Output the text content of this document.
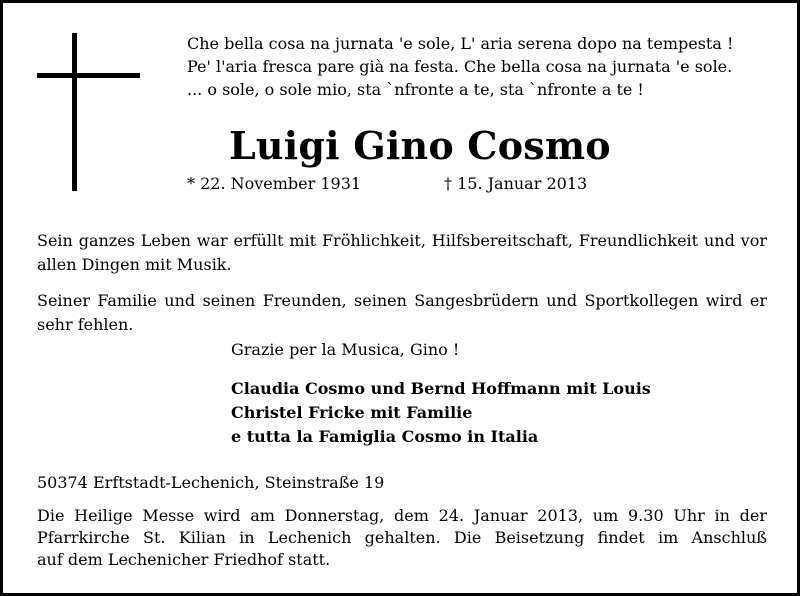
Che bella cosa na jurnata 'e sole, L' aria serena dopo na tempesta !
Pe' l'aria fresca pare già na festa. Che bella cosa na jurnata 'e sole.
... o sole, o sole mio, sta `nfronte a te, sta `nfronte a te !
Luigi Gino Cosmo
* 22. November 1931	† 15. Januar 2013
Sein ganzes Leben war erfüllt mit Fröhlichkeit, Hilfsbereitschaft, Freundlichkeit und vor allen Dingen mit Musik.
Seiner Familie und seinen Freunden, seinen Sangesbrüdern und Sportkollegen wird er sehr fehlen.
Grazie per la Musica, Gino !
Claudia Cosmo und Bernd Hoffmann mit Louis
Christel Fricke mit Familie
e tutta la Famiglia Cosmo in Italia
50374 Erftstadt-Lechenich, Steinstraße 19
Die Heilige Messe wird am Donnerstag, dem 24. Januar 2013, um 9.30 Uhr in der
Pfarrkirche St. Kilian in Lechenich gehalten. Die Beisetzung findet im Anschluß
auf dem Lechenicher Friedhof statt.
